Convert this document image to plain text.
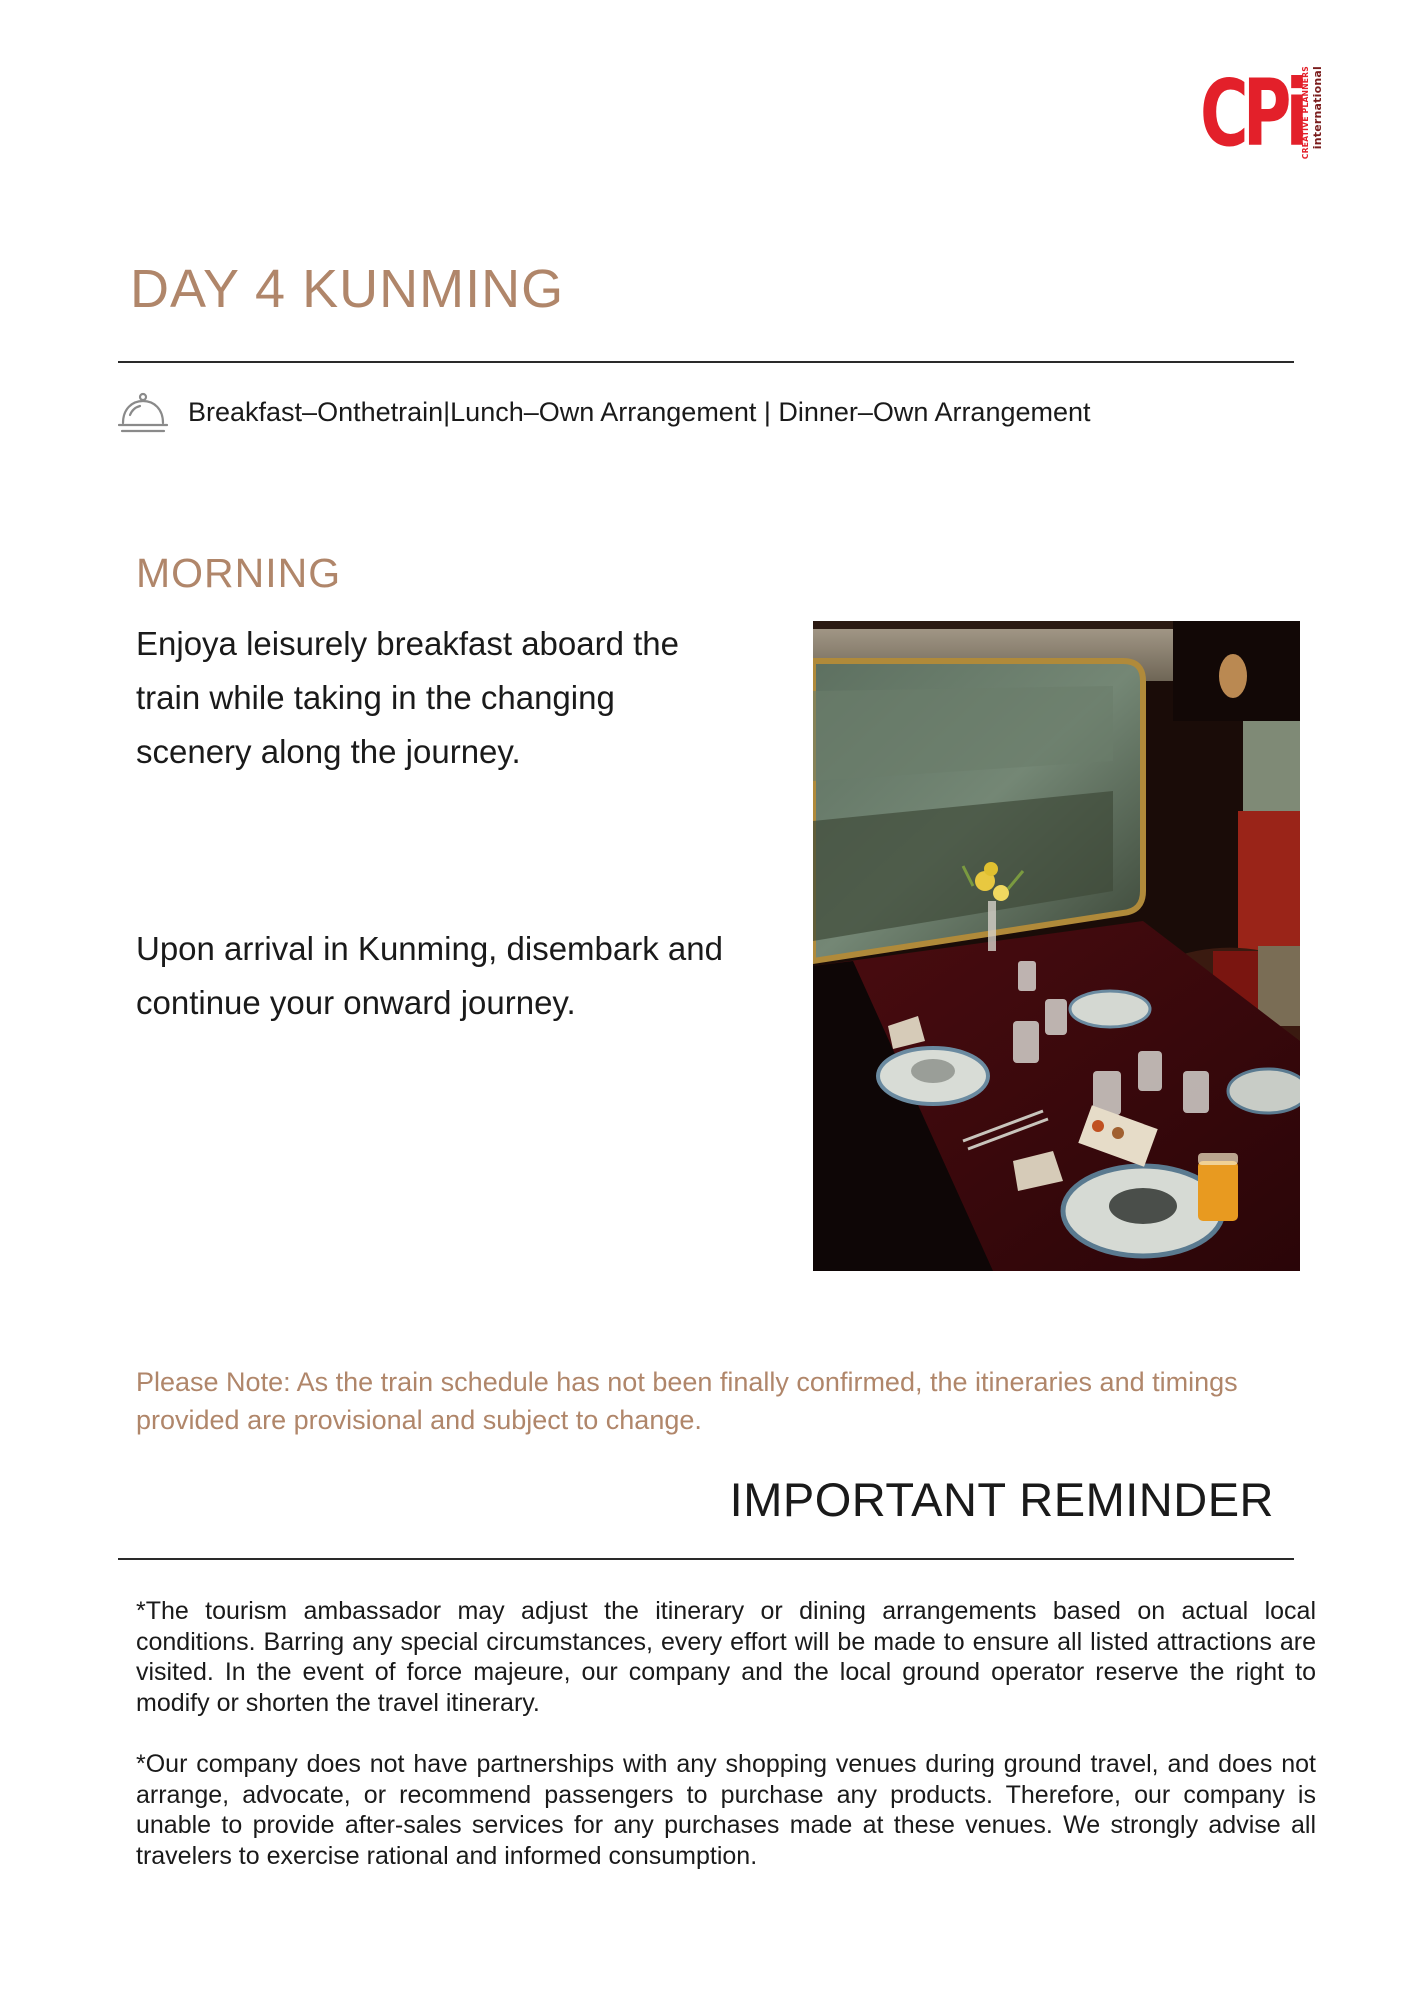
CPi
CREATIVE PLANNERS international
DAY 4 KUNMING
Breakfast–Onthetrain|Lunch–Own Arrangement | Dinner–Own Arrangement
MORNING

Enjoya leisurely breakfast aboard the train while taking in the changing scenery along the journey.

Upon arrival in Kunming, disembark and continue your onward journey.

Please Note: As the train schedule has not been finally confirmed, the itineraries and timings provided are provisional and subject to change.

IMPORTANT REMINDER

*The tourism ambassador may adjust the itinerary or dining arrangements based on actual local conditions. Barring any special circumstances, every effort will be made to ensure all listed attractions are visited. In the event of force majeure, our company and the local ground operator reserve the right to modify or shorten the travel itinerary.

*Our company does not have partnerships with any shopping venues during ground travel, and does not arrange, advocate, or recommend passengers to purchase any products. Therefore, our company is unable to provide after-sales services for any purchases made at these venues. We strongly advise all travelers to exercise rational and informed consumption.
